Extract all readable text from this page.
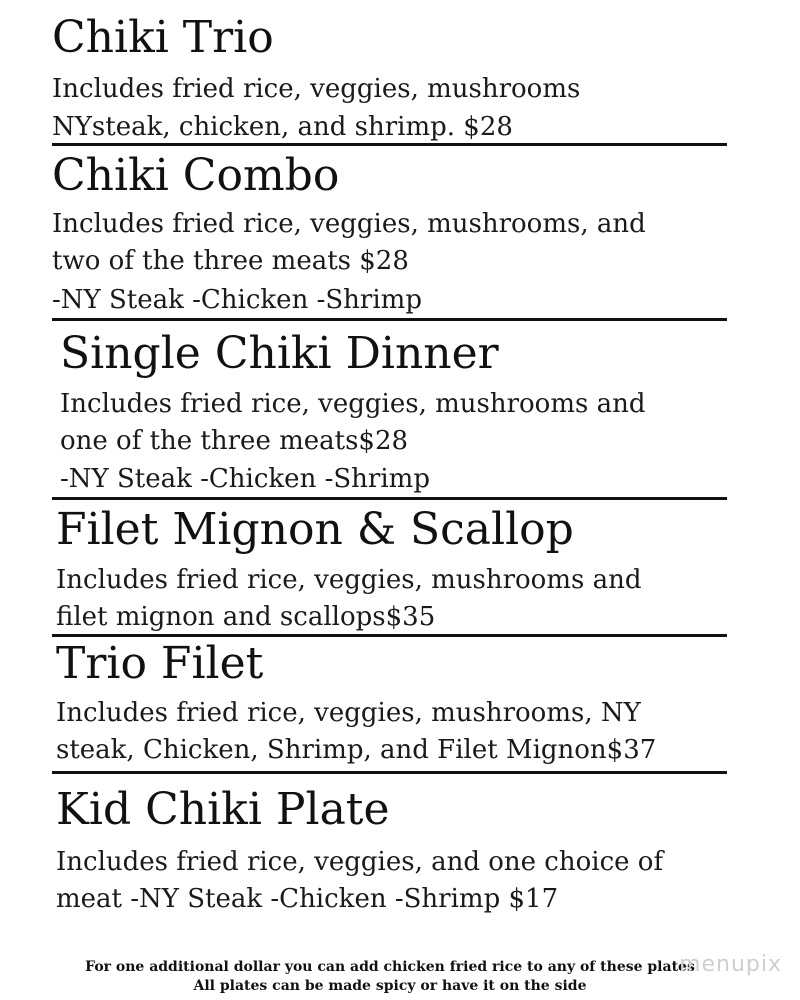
Chiki Trio
Includes fried rice, veggies, mushrooms
NYsteak, chicken, and shrimp. $28
Chiki Combo
Includes fried rice, veggies, mushrooms, and
two of the three meats $28
-NY Steak -Chicken -Shrimp
Single Chiki Dinner
Includes fried rice, veggies, mushrooms and
one of the three meats$28
-NY Steak -Chicken -Shrimp
Filet Mignon & Scallop
Includes fried rice, veggies, mushrooms and
filet mignon and scallops$35
Trio Filet
Includes fried rice, veggies, mushrooms, NY
steak, Chicken, Shrimp, and Filet Mignon$37
Kid Chiki Plate
Includes fried rice, veggies, and one choice of
meat -NY Steak -Chicken -Shrimp $17
For one additional dollar you can add chicken fried rice to any of these plates
All plates can be made spicy or have it on the side
menupix
